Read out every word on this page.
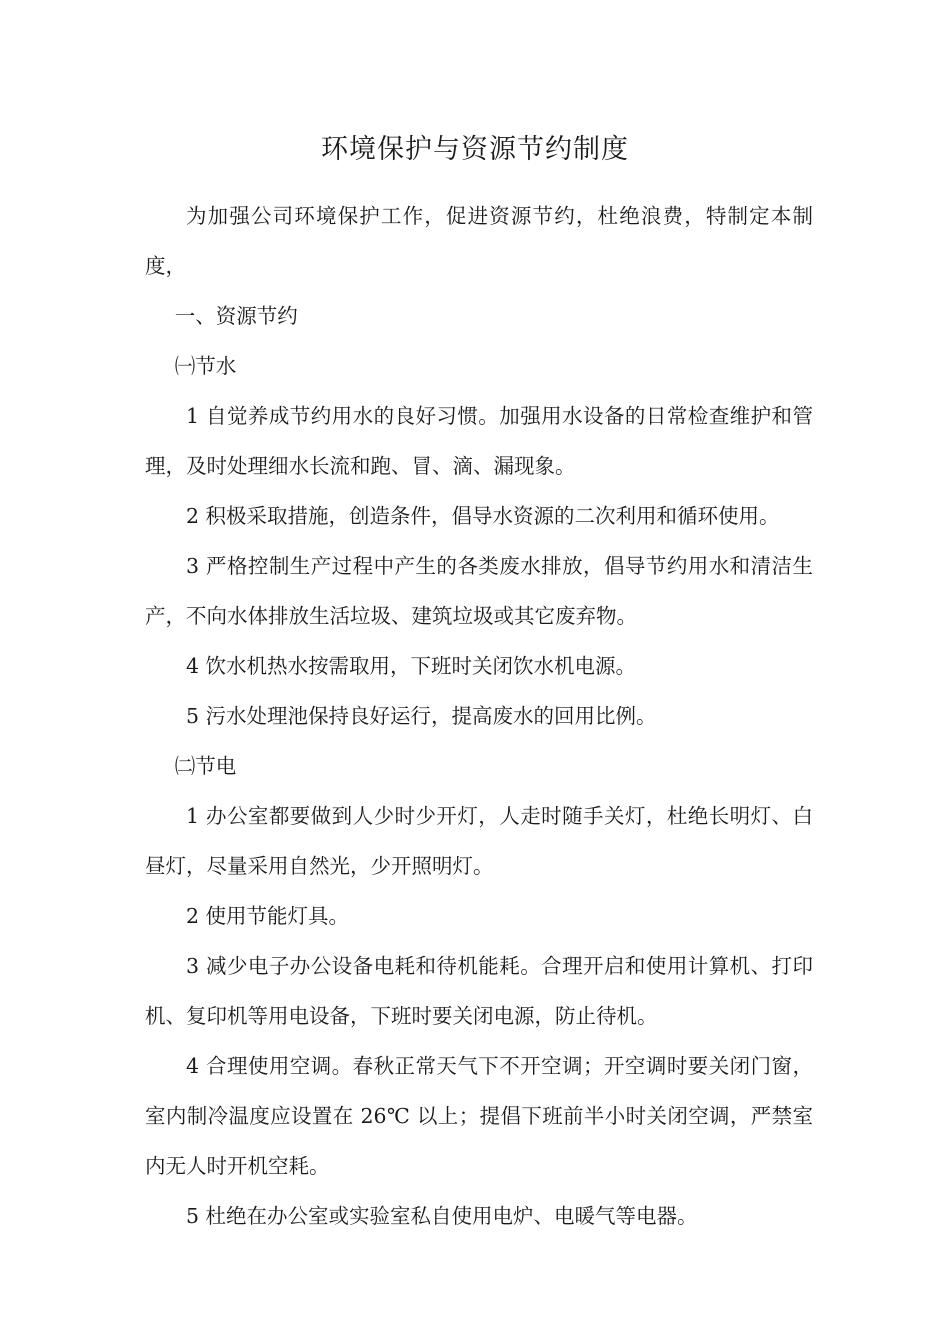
环境保护与资源节约制度

为加强公司环境保护工作，促进资源节约，杜绝浪费，特制定本制度，

一、资源节约

㈠节水

1 自觉养成节约用水的良好习惯。加强用水设备的日常检查维护和管理，及时处理细水长流和跑、冒、滴、漏现象。

2 积极采取措施，创造条件，倡导水资源的二次利用和循环使用。

3 严格控制生产过程中产生的各类废水排放，倡导节约用水和清洁生产，不向水体排放生活垃圾、建筑垃圾或其它废弃物。

4 饮水机热水按需取用，下班时关闭饮水机电源。

5 污水处理池保持良好运行，提高废水的回用比例。

㈡节电

1 办公室都要做到人少时少开灯，人走时随手关灯，杜绝长明灯、白昼灯，尽量采用自然光，少开照明灯。

2 使用节能灯具。

3 减少电子办公设备电耗和待机能耗。合理开启和使用计算机、打印机、复印机等用电设备，下班时要关闭电源，防止待机。

4 合理使用空调。春秋正常天气下不开空调；开空调时要关闭门窗，室内制冷温度应设置在 26℃ 以上；提倡下班前半小时关闭空调，严禁室内无人时开机空耗。

5 杜绝在办公室或实验室私自使用电炉、电暖气等电器。
